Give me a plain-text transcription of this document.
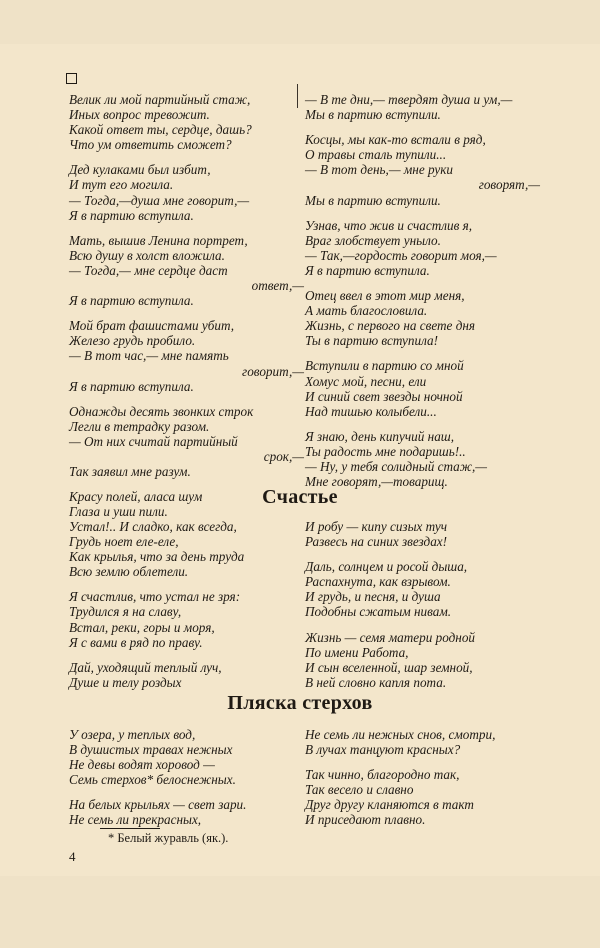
Велик ли мой партийный стаж,
Иных вопрос тревожит.
Какой ответ ты, сердце, дашь?
Что ум ответить сможет?
Дед кулаками был избит,
И тут его могила.
— Тогда,—душа мне говорит,—
Я в партию вступила.
Мать, вышив Ленина портрет,
Всю душу в холст вложила.
— Тогда,— мне сердце даст
ответ,—
Я в партию вступила.
Мой брат фашистами убит,
Железо грудь пробило.
— В тот час,— мне память
говорит,—
Я в партию вступила.
Однажды десять звонких строк
Легли в тетрадку разом.
— От них считай партийный
срок,—
Так заявил мне разум.
Красу полей, аласа шум
Глаза и уши пили.
— В те дни,— твердят душа и ум,—
Мы в партию вступили.
Косцы, мы как-то встали в ряд,
О травы сталь тупили...
— В тот день,— мне руки
говорят,—
Мы в партию вступили.
Узнав, что жив и счастлив я,
Враг злобствует уныло.
— Так,—гордость говорит моя,—
Я в партию вступила.
Отец ввел в этот мир меня,
А мать благословила.
Жизнь, с первого на свете дня
Ты в партию вступила!
Вступили в партию со мной
Хомус мой, песни, ели
И синий свет звезды ночной
Над тишью колыбели...
Я знаю, день кипучий наш,
Ты радость мне подаришь!..
— Ну, у тебя солидный стаж,—
Мне говорят,—товарищ.
Счастье
Устал!.. И сладко, как всегда,
Грудь ноет еле-еле,
Как крылья, что за день труда
Всю землю облетели.
Я счастлив, что устал не зря:
Трудился я на славу,
Встал, реки, горы и моря,
Я с вами в ряд по праву.
Дай, уходящий теплый луч,
Душе и телу роздых
И робу — кипу сизых туч
Развесь на синих звездах!
Даль, солнцем и росой дыша,
Распахнута, как взрывом.
И грудь, и песня, и душа
Подобны сжатым нивам.
Жизнь — семя матери родной
По имени Работа,
И сын вселенной, шар земной,
В ней словно капля пота.
Пляска стерхов
У озера, у теплых вод,
В душистых травах нежных
Не девы водят хоровод —
Семь стерхов* белоснежных.
На белых крыльях — свет зари.
Не семь ли прекрасных,
Не семь ли нежных снов, смотри,
В лучах танцуют красных?
Так чинно, благородно так,
Так весело и славно
Друг другу кланяются в такт
И приседают плавно.
* Белый журавль (як.).
4
